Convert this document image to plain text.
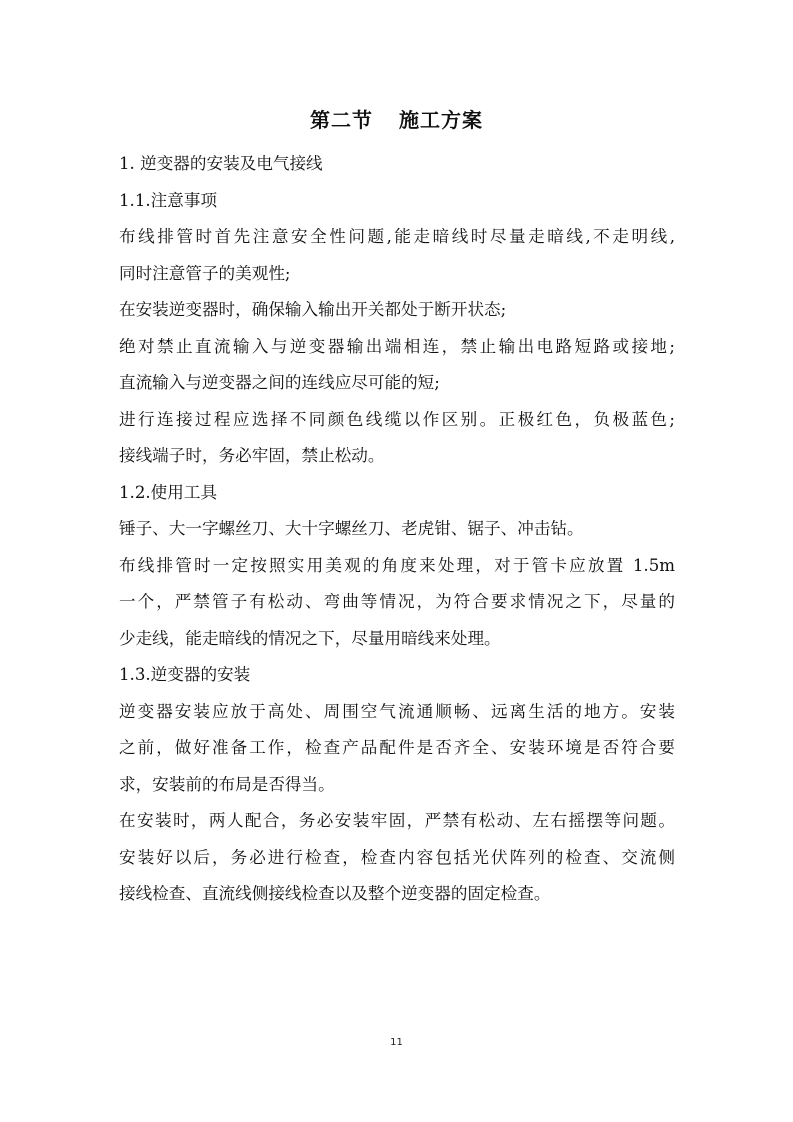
第二节 施工方案
1. 逆变器的安装及电气接线
1.1.注意事项
布线排管时首先注意安全性问题,能走暗线时尽量走暗线,不走明线,
同时注意管子的美观性;
在安装逆变器时，确保输入输出开关都处于断开状态;
绝对禁止直流输入与逆变器输出端相连，禁止输出电路短路或接地;
直流输入与逆变器之间的连线应尽可能的短;
进行连接过程应选择不同颜色线缆以作区别。正极红色，负极蓝色;
接线端子时，务必牢固，禁止松动。
1.2.使用工具
锤子、大一字螺丝刀、大十字螺丝刀、老虎钳、锯子、冲击钻。
布线排管时一定按照实用美观的角度来处理，对于管卡应放置 1.5m
一个，严禁管子有松动、弯曲等情况，为符合要求情况之下，尽量的
少走线，能走暗线的情况之下，尽量用暗线来处理。
1.3.逆变器的安装
逆变器安装应放于高处、周围空气流通顺畅、远离生活的地方。安装
之前，做好准备工作，检查产品配件是否齐全、安装环境是否符合要
求，安装前的布局是否得当。
在安装时，两人配合，务必安装牢固，严禁有松动、左右摇摆等问题。
安装好以后，务必进行检查，检查内容包括光伏阵列的检查、交流侧
接线检查、直流线侧接线检查以及整个逆变器的固定检查。
11
